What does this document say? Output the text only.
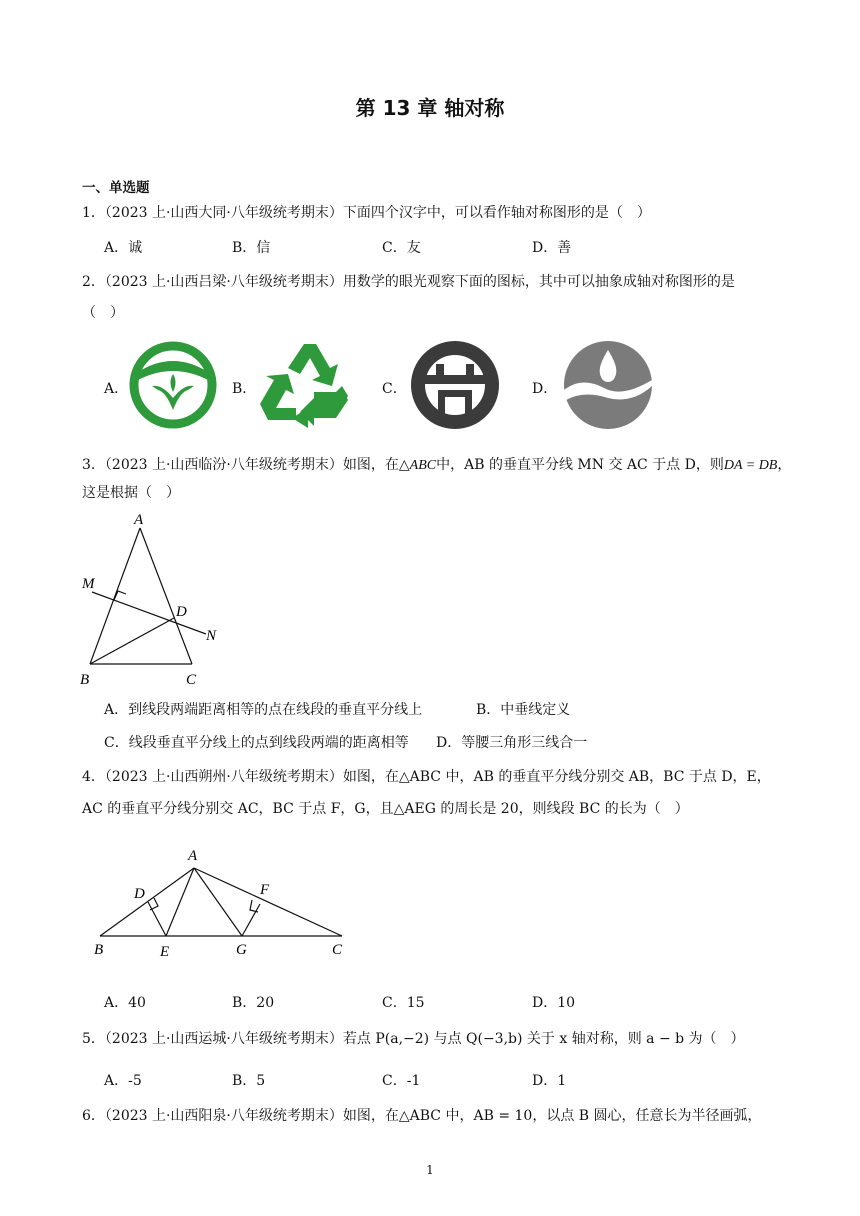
第 13 章 轴对称
一、单选题
1．（2023 上·山西大同·八年级统考期末）下面四个汉字中，可以看作轴对称图形的是（　）
A．诚	B．信	C．友	D．善
2．（2023 上·山西吕梁·八年级统考期末）用数学的眼光观察下面的图标，其中可以抽象成轴对称图形的是
（　）
A．	B．	C．	D．
3．（2023 上·山西临汾·八年级统考期末）如图，在△ABC中，AB 的垂直平分线 MN 交 AC 于点 D，则DA = DB，
这是根据（　）
A
M
D
N
B	C
A．到线段两端距离相等的点在线段的垂直平分线上	B．中垂线定义
C．线段垂直平分线上的点到线段两端的距离相等 D．等腰三角形三线合一
4．（2023 上·山西朔州·八年级统考期末）如图，在△ABC 中，AB 的垂直平分线分别交 AB，BC 于点 D，E，
AC 的垂直平分线分别交 AC，BC 于点 F，G，且△AEG 的周长是 20，则线段 BC 的长为（　）
A
D	F
B	E	G	C
A．40	B．20	C．15	D．10
5．（2023 上·山西运城·八年级统考期末）若点 P(a,−2) 与点 Q(−3,b) 关于 x 轴对称，则 a − b 为（　）
A．-5	B．5	C．-1	D．1
6．（2023 上·山西阳泉·八年级统考期末）如图，在△ABC 中，AB = 10，以点 B 圆心，任意长为半径画弧，
1
